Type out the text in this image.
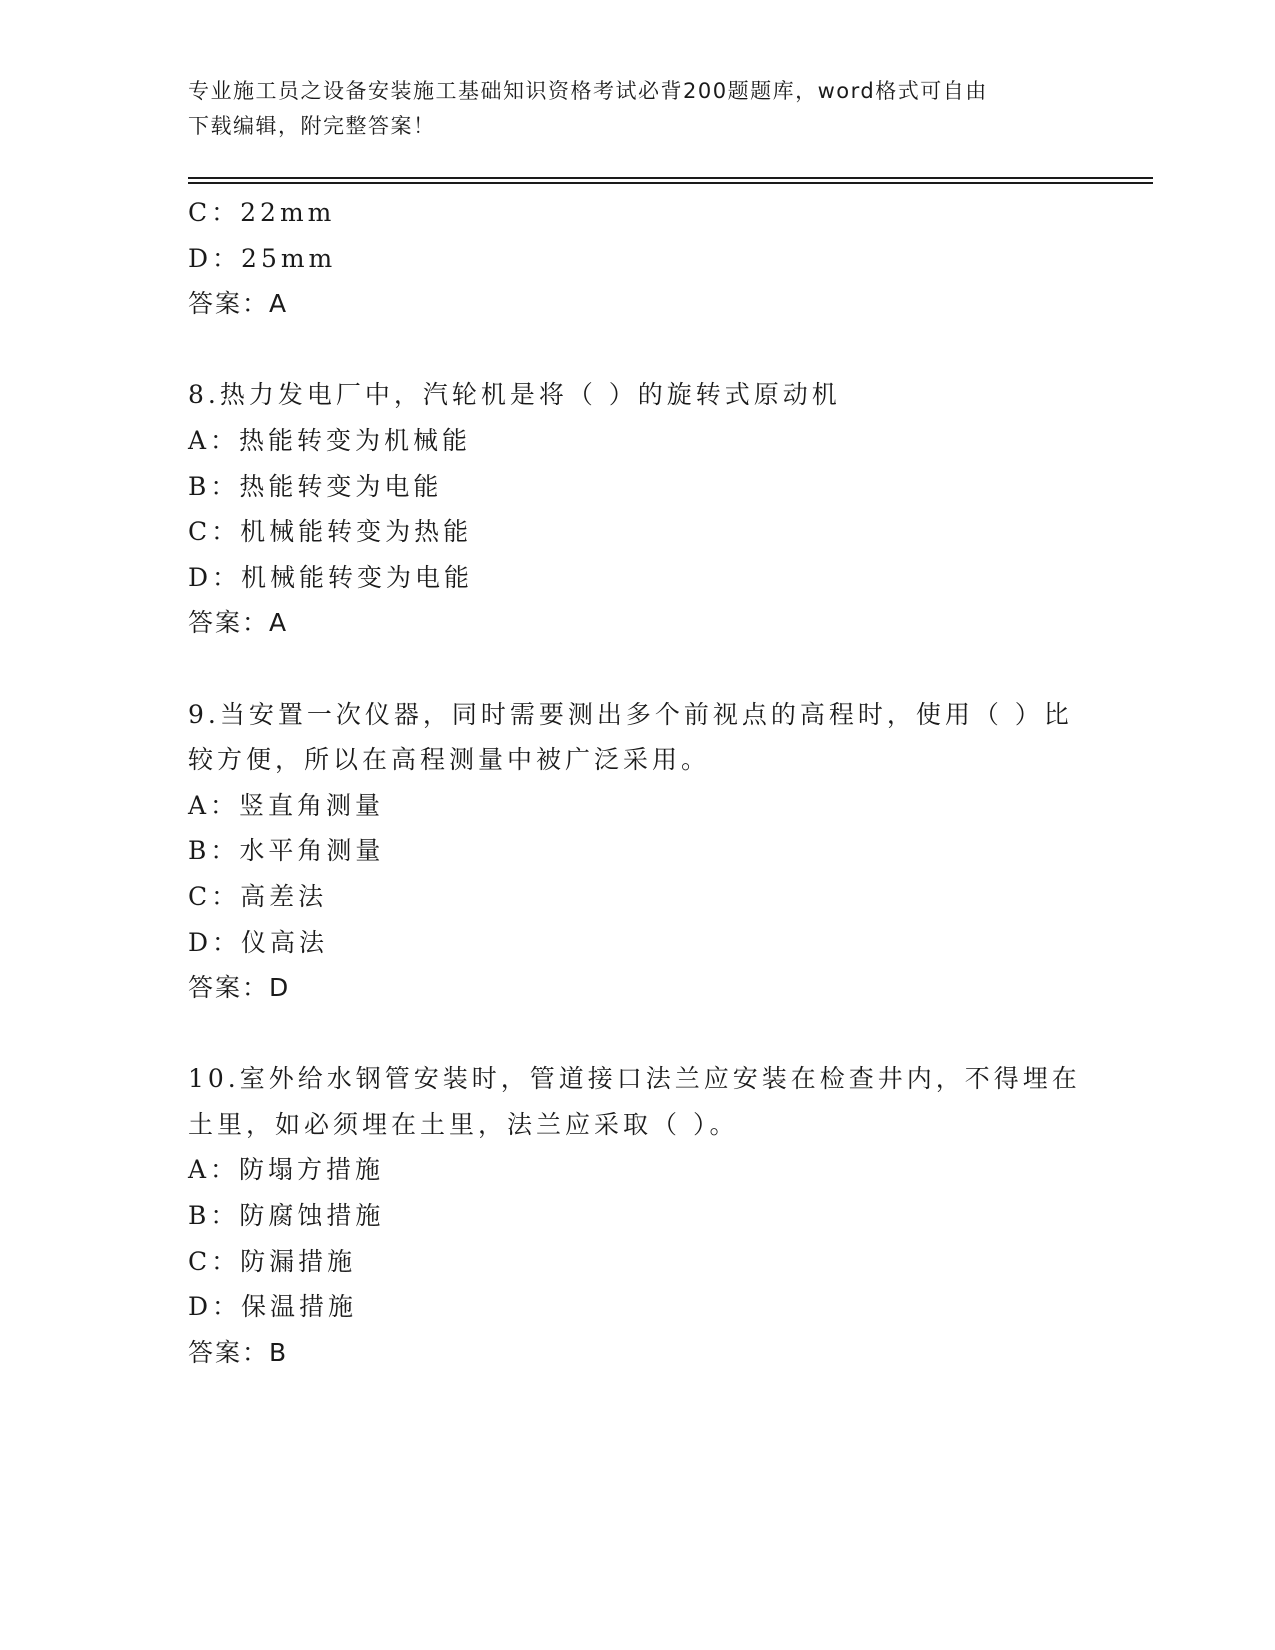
专业施工员之设备安装施工基础知识资格考试必背200题题库，word格式可自由
下载编辑，附完整答案！
C：22mm
D：25mm
答案：A
8.热力发电厂中，汽轮机是将（ ）的旋转式原动机
A：热能转变为机械能
B：热能转变为电能
C：机械能转变为热能
D：机械能转变为电能
答案：A
9.当安置一次仪器，同时需要测出多个前视点的高程时，使用（ ）比
较方便，所以在高程测量中被广泛采用。
A：竖直角测量
B：水平角测量
C：高差法
D：仪高法
答案：D
10.室外给水钢管安装时，管道接口法兰应安装在检查井内，不得埋在
土里，如必须埋在土里，法兰应采取（ ）。
A：防塌方措施
B：防腐蚀措施
C：防漏措施
D：保温措施
答案：B
